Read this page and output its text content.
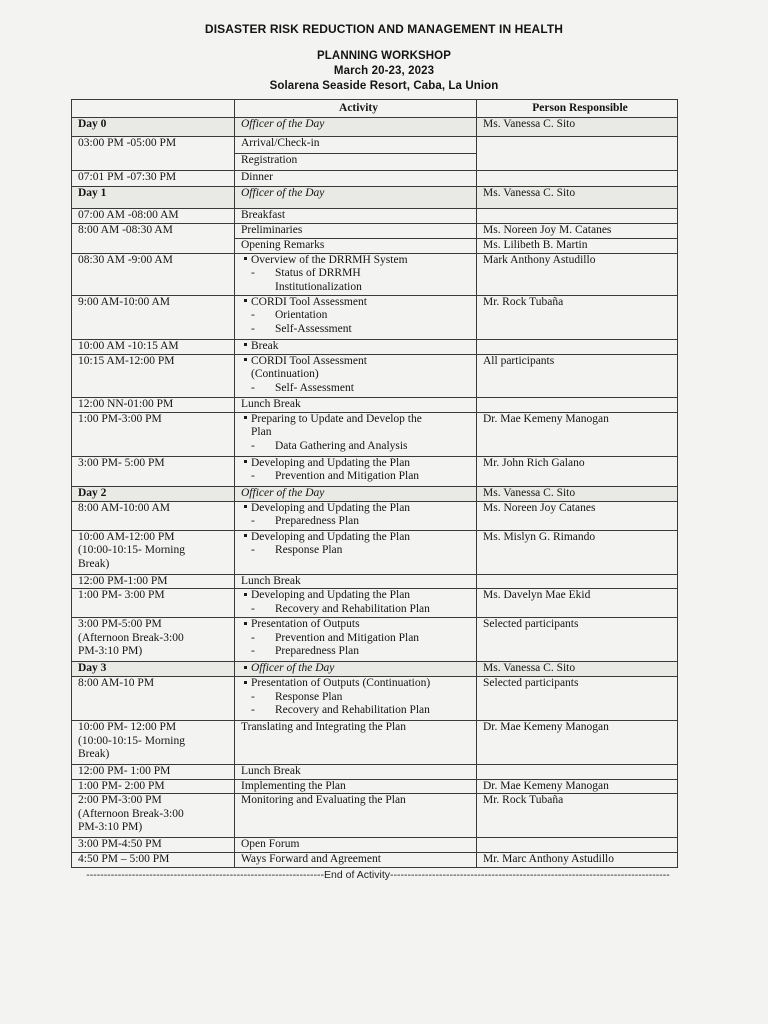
DISASTER RISK REDUCTION AND MANAGEMENT IN HEALTH
PLANNING WORKSHOP
March 20-23, 2023
Solarena Seaside Resort, Caba, La Union
	Activity	Person Responsible
Day 0	Officer of the Day	Ms. Vanessa C. Sito
03:00 PM -05:00 PM	Arrival/Check-in	
	Registration	
07:01 PM -07:30 PM	Dinner	
Day 1	Officer of the Day	Ms. Vanessa C. Sito
07:00 AM -08:00 AM	Breakfast	
8:00 AM -08:30 AM	Preliminaries	Ms. Noreen Joy M. Catanes
	Opening Remarks	Ms. Lilibeth B. Martin
08:30 AM -9:00 AM	Overview of the DRRMH System
- Status of DRRMH
Institutionalization	Mark Anthony Astudillo
9:00 AM-10:00 AM	CORDI Tool Assessment
- Orientation
- Self-Assessment	Mr. Rock Tubaña
10:00 AM -10:15 AM	Break	
10:15 AM-12:00 PM	CORDI Tool Assessment
(Continuation)
- Self- Assessment	All participants
12:00 NN-01:00 PM	Lunch Break	
1:00 PM-3:00 PM	Preparing to Update and Develop the
Plan
- Data Gathering and Analysis	Dr. Mae Kemeny Manogan
3:00 PM- 5:00 PM	Developing and Updating the Plan
- Prevention and Mitigation Plan	Mr. John Rich Galano
Day 2	Officer of the Day	Ms. Vanessa C. Sito
8:00 AM-10:00 AM	Developing and Updating the Plan
- Preparedness Plan	Ms. Noreen Joy Catanes

10:00 AM-12:00 PM
(10:00-10:15- Morning
Break)	Developing and Updating the Plan
- Response Plan	Ms. Mislyn G. Rimando
12:00 PM-1:00 PM	Lunch Break	
1:00 PM- 3:00 PM	Developing and Updating the Plan
- Recovery and Rehabilitation Plan	Ms. Davelyn Mae Ekid

3:00 PM-5:00 PM
(Afternoon Break-3:00
PM-3:10 PM)	Presentation of Outputs
- Prevention and Mitigation Plan
- Preparedness Plan	Selected participants
Day 3	Officer of the Day	Ms. Vanessa C. Sito
8:00 AM-10 PM	Presentation of Outputs (Continuation)
- Response Plan
- Recovery and Rehabilitation Plan	Selected participants

10:00 PM- 12:00 PM
(10:00-10:15- Morning
Break)	Translating and Integrating the Plan	Dr. Mae Kemeny Manogan
12:00 PM- 1:00 PM	Lunch Break	
1:00 PM- 2:00 PM	Implementing the Plan	Dr. Mae Kemeny Manogan

2:00 PM-3:00 PM
(Afternoon Break-3:00
PM-3:10 PM)	Monitoring and Evaluating the Plan	Mr. Rock Tubaña
3:00 PM-4:50 PM	Open Forum	
4:50 PM – 5:00 PM	Ways Forward and Agreement	Mr. Marc Anthony Astudillo
--------------------------------------------------------------------End of Activity--------------------------------------------------------------------------------
